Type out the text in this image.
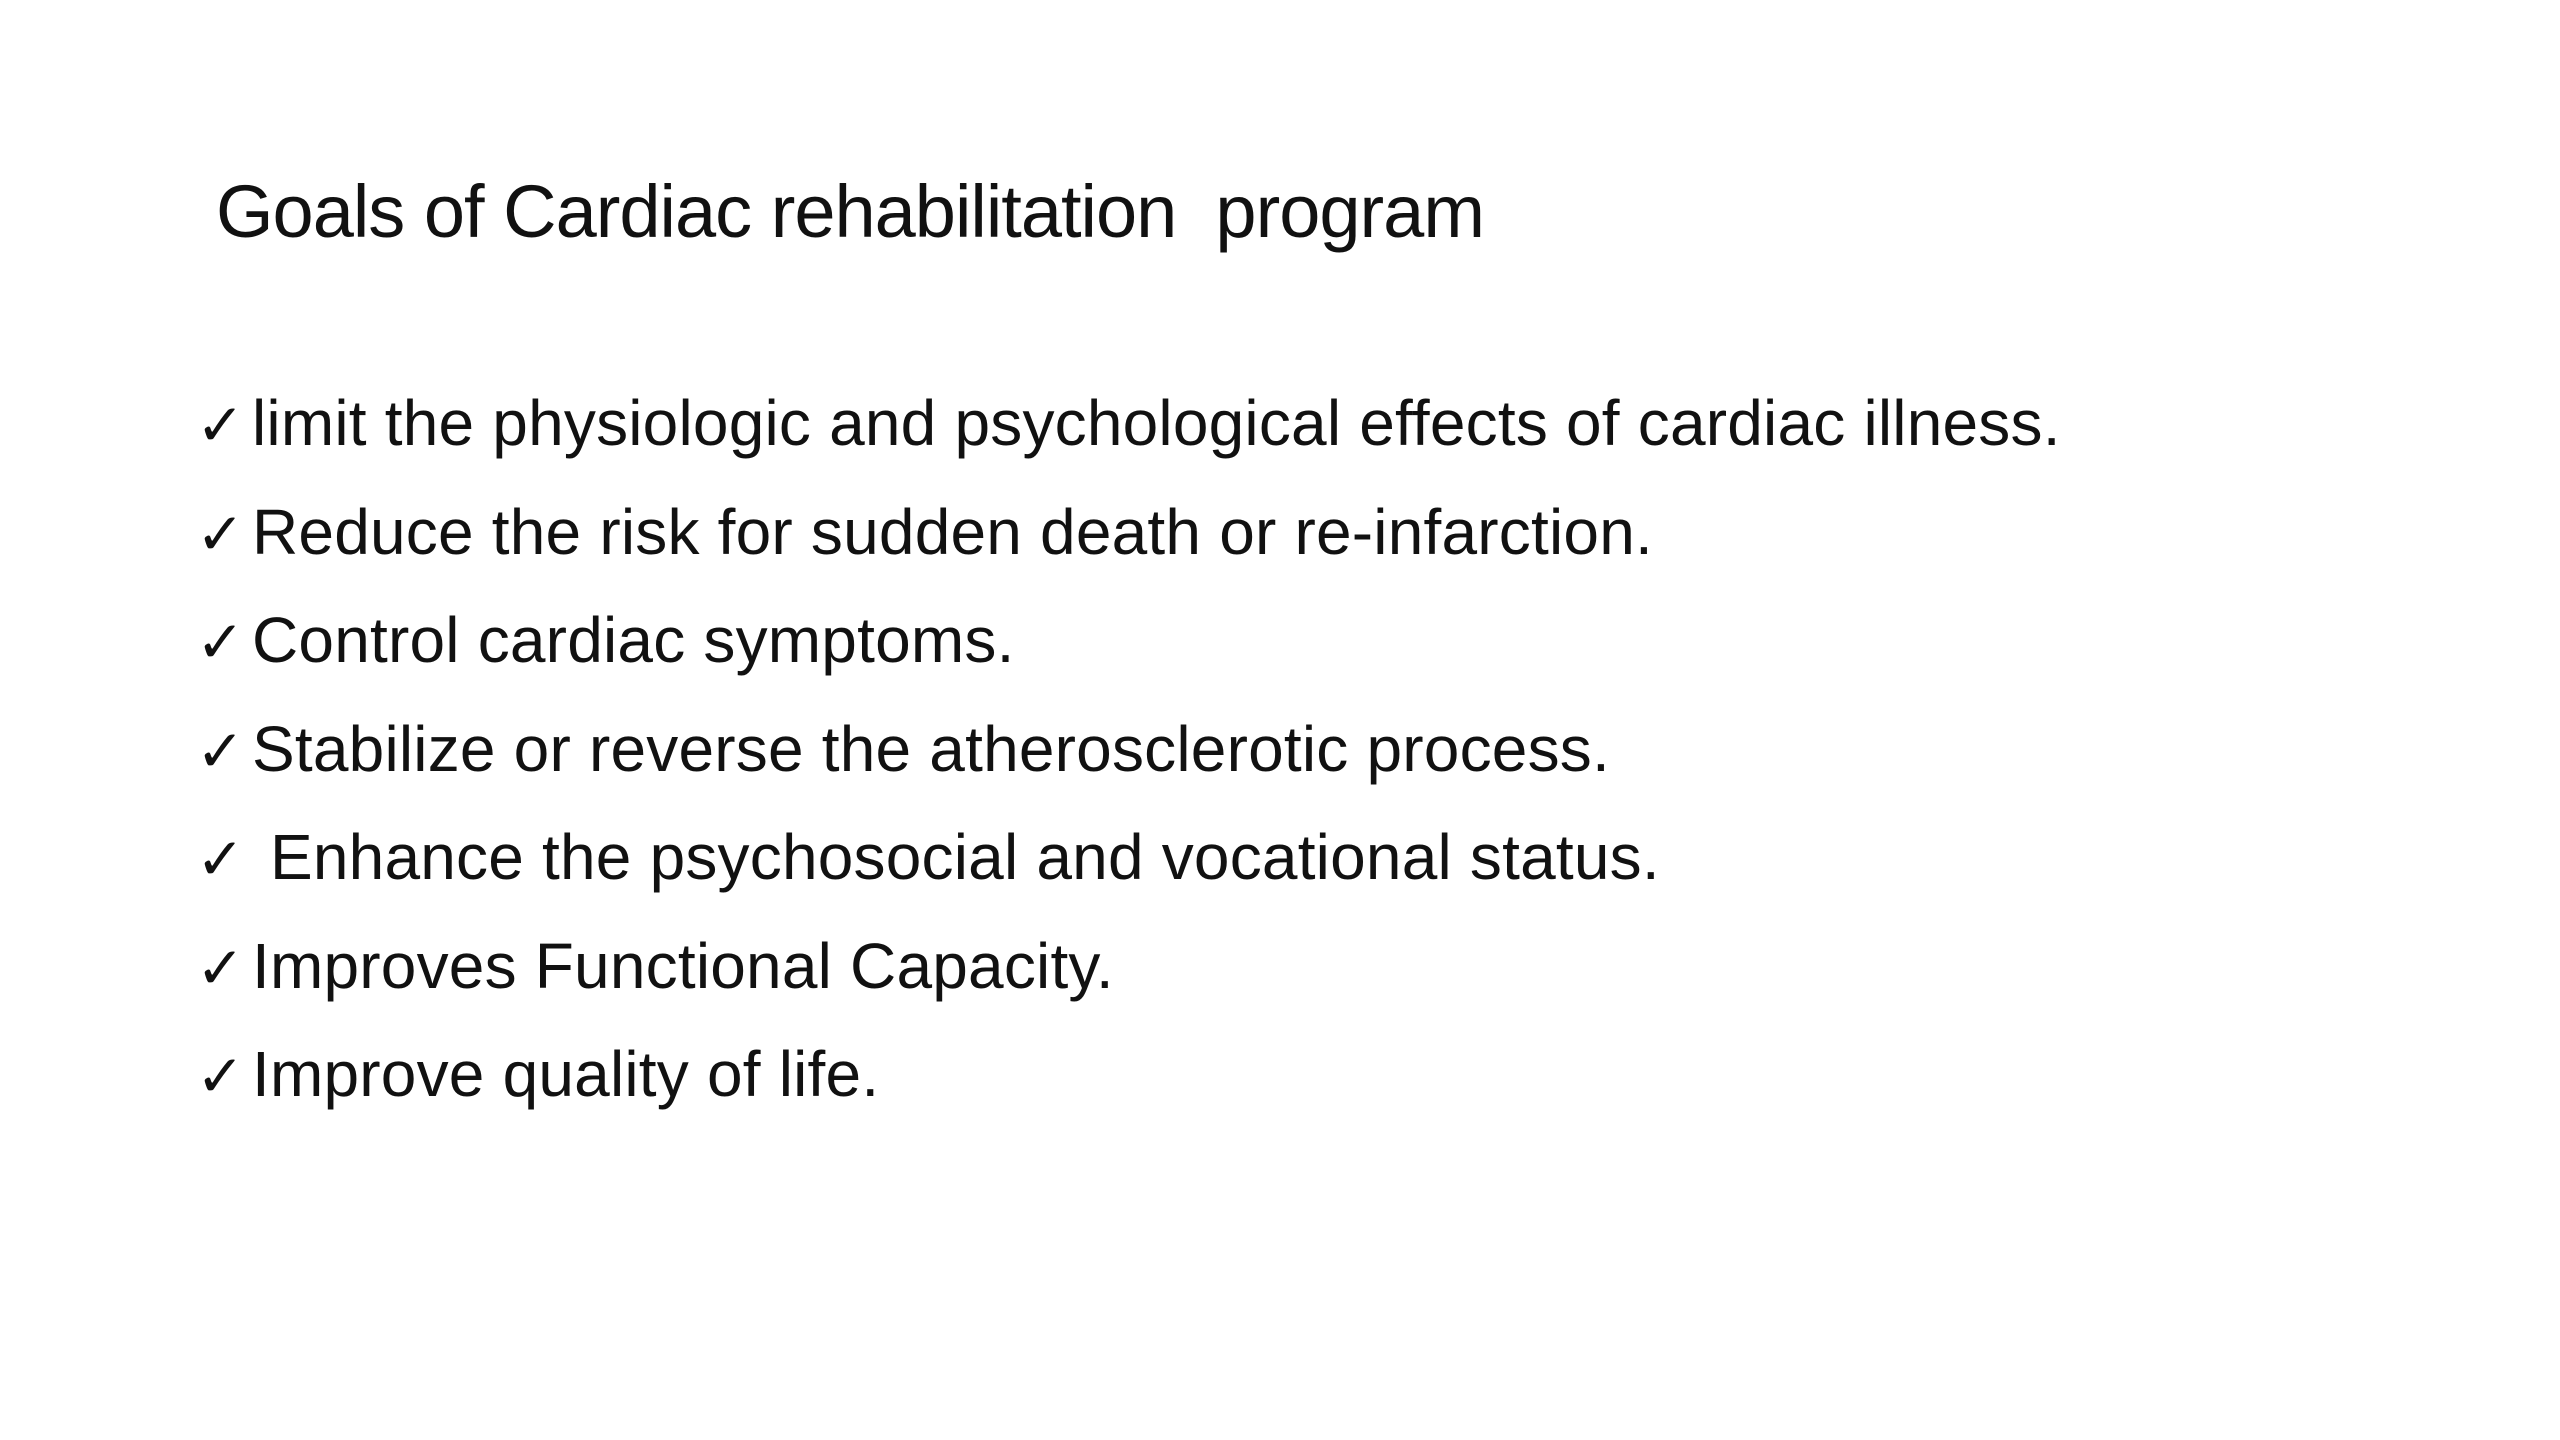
Goals of Cardiac rehabilitation  program
✓ limit the physiologic and psychological effects of cardiac illness.
✓ Reduce the risk for sudden death or re-infarction.
✓ Control cardiac symptoms.
✓ Stabilize or reverse the atherosclerotic process.
✓ Enhance the psychosocial and vocational status.
✓ Improves Functional Capacity.
✓ Improve quality of life.
